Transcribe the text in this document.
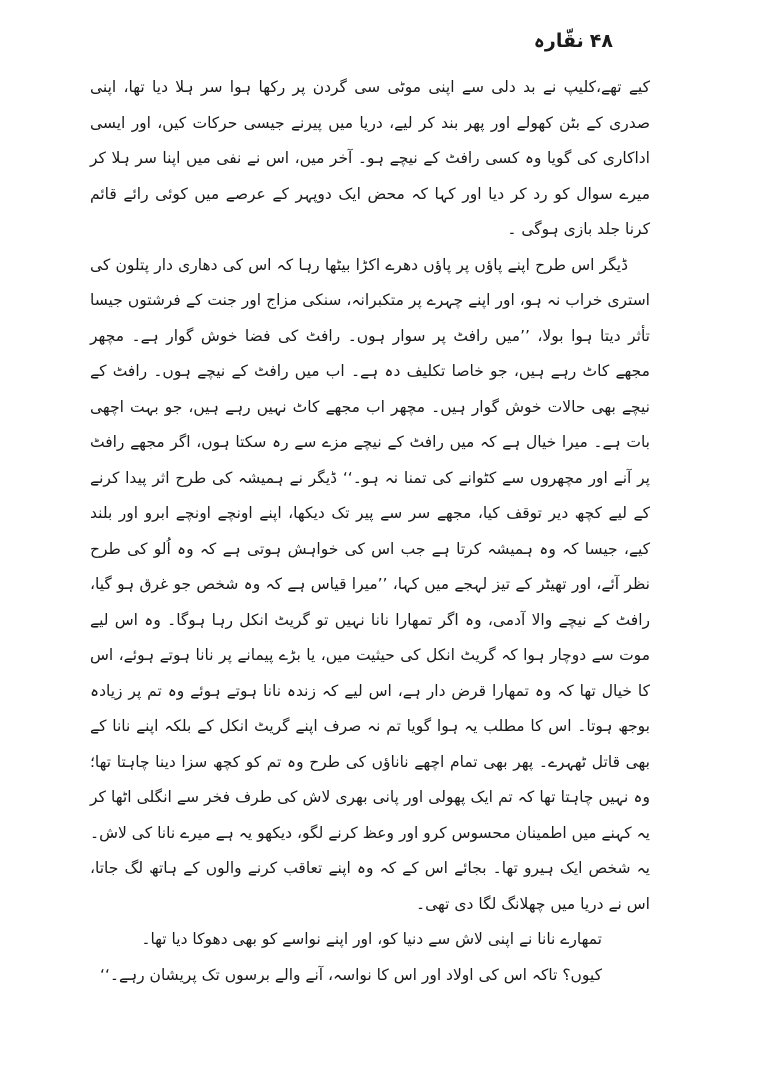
۴۸
نقّارہ

کیے تھے،کلیپ نے بد دلی سے اپنی موٹی سی گردن پر رکھا ہوا سر ہلا دیا تھا، اپنی صدری کے بٹن کھولے اور پھر بند کر لیے، دریا میں پیرنے جیسی حرکات کیں، اور ایسی اداکاری کی گویا وہ کسی رافٹ کے نیچے ہو۔ آخر میں، اس نے نفی میں اپنا سر ہلا کر میرے سوال کو رد کر دیا اور کہا کہ محض ایک دوپہر کے عرصے میں کوئی رائے قائم کرنا جلد بازی ہوگی ۔

ڈیگر اس طرح اپنے پاؤں پر پاؤں دھرے اکڑا بیٹھا رہا کہ اس کی دھاری دار پتلون کی استری خراب نہ ہو، اور اپنے چہرے پر متکبرانہ، سنکی مزاج اور جنت کے فرشتوں جیسا تأثر دیتا ہوا بولا، ’’میں رافٹ پر سوار ہوں۔ رافٹ کی فضا خوش گوار ہے۔ مچھر مجھے کاٹ رہے ہیں، جو خاصا تکلیف دہ ہے۔ اب میں رافٹ کے نیچے ہوں۔ رافٹ کے نیچے بھی حالات خوش گوار ہیں۔ مچھر اب مجھے کاٹ نہیں رہے ہیں، جو بہت اچھی بات ہے۔ میرا خیال ہے کہ میں رافٹ کے نیچے مزے سے رہ سکتا ہوں، اگر مجھے رافٹ پر آنے اور مچھروں سے کٹوانے کی تمنا نہ ہو۔‘‘ ڈیگر نے ہمیشہ کی طرح اثر پیدا کرنے کے لیے کچھ دیر توقف کیا، مجھے سر سے پیر تک دیکھا، اپنے اونچے اونچے ابرو اور بلند کیے، جیسا کہ وہ ہمیشہ کرتا ہے جب اس کی خواہش ہوتی ہے کہ وہ اُلو کی طرح نظر آئے، اور تھیٹر کے تیز لہجے میں کہا، ’’میرا قیاس ہے کہ وہ شخص جو غرق ہو گیا، رافٹ کے نیچے والا آدمی، وہ اگر تمھارا نانا نہیں تو گریٹ انکل رہا ہوگا۔ وہ اس لیے موت سے دوچار ہوا کہ گریٹ انکل کی حیثیت میں، یا بڑے پیمانے پر نانا ہوتے ہوئے، اس کا خیال تھا کہ وہ تمھارا قرض دار ہے، اس لیے کہ زندہ نانا ہوتے ہوئے وہ تم پر زیادہ بوجھ ہوتا۔ اس کا مطلب یہ ہوا گویا تم نہ صرف اپنے گریٹ انکل کے بلکہ اپنے نانا کے بھی قاتل ٹھہرے۔ پھر بھی تمام اچھے ناناؤں کی طرح وہ تم کو کچھ سزا دینا چاہتا تھا؛ وہ نہیں چاہتا تھا کہ تم ایک پھولی اور پانی بھری لاش کی طرف فخر سے انگلی اٹھا کر یہ کہنے میں اطمینان محسوس کرو اور وعظ کرنے لگو، دیکھو یہ ہے میرے نانا کی لاش۔ یہ شخص ایک ہیرو تھا۔ بجائے اس کے کہ وہ اپنے تعاقب کرنے والوں کے ہاتھ لگ جاتا، اس نے دریا میں چھلانگ لگا دی تھی۔

تمھارے نانا نے اپنی لاش سے دنیا کو، اور اپنے نواسے کو بھی دھوکا دیا تھا۔

کیوں؟ تاکہ اس کی اولاد اور اس کا نواسہ، آنے والے برسوں تک پریشان رہے۔‘‘
